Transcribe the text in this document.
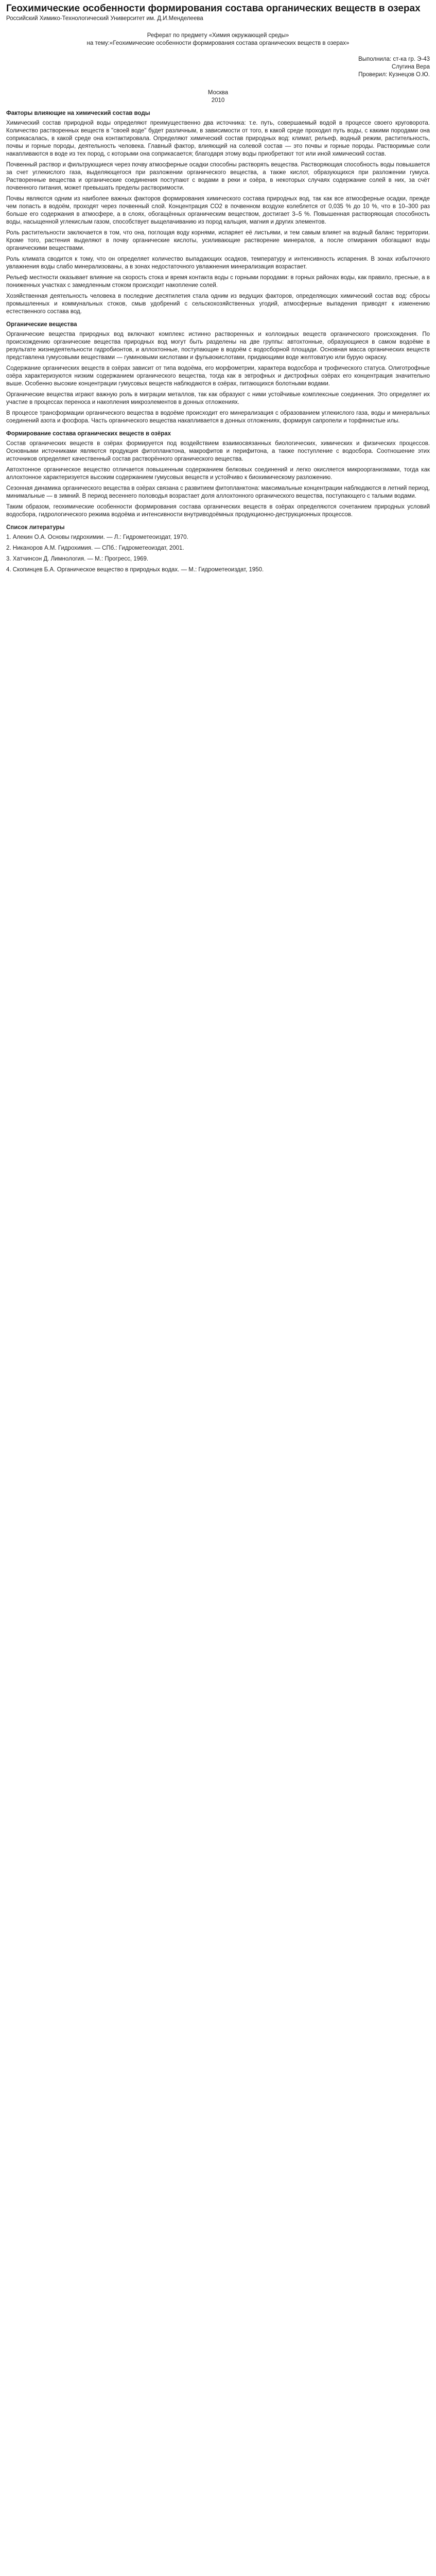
Геохимические особенности формирования состава органических веществ в озерах
Российский Химико-Технологический Университет им. Д.И.Менделеева
Реферат по предмету «Химия окружающей среды»
на тему:«Геохимические особенности формирования состава органических веществ в озерах»
Выполнила: ст-ка гр. Э-43
Слугина Вера
Проверил: Кузнецов О.Ю.
Москва
2010
Факторы влияющие на химический состав воды

Химический состав природной воды определяют преимущественно два источника: т.е. путь, совершаемый водой в процессе своего круговорота. Количество растворенных веществ в "своей воде" будет различным, в зависимости от того, в какой среде проходил путь воды, с какими породами она соприкасалась, в какой среде она контактировала. Определяют химический состав природных вод: климат, рельеф, водный режим, растительность, почвы и горные породы, деятельность человека. Главный фактор, влияющий на солевой состав — это почвы и горные породы. Растворимые соли накапливаются в воде из тех пород, с которыми она соприкасается; благодаря этому воды приобретают тот или иной химический состав.

Почвенный раствор и фильтрующиеся через почву атмосферные осадки способны растворять вещества. Растворяющая способность воды повышается за счет углекислого газа, выделяющегося при разложении органического вещества, а также кислот, образующихся при разложении гумуса. Растворенные вещества и органические соединения поступают с водами в реки и озёра, в некоторых случаях содержание солей в них, за счёт почвенного питания, может превышать пределы растворимости.

Почвы являются одним из наиболее важных факторов формирования химического состава природных вод, так как все атмосферные осадки, прежде чем попасть в водоём, проходят через почвенный слой. Концентрация СО2 в почвенном воздухе колеблется от 0,035 % до 10 %, что в 10–300 раз больше его содержания в атмосфере, а в слоях, обогащённых органическим веществом, достигает 3–5 %. Повышенная растворяющая способность воды, насыщенной углекислым газом, способствует выщелачиванию из пород кальция, магния и других элементов.

Роль растительности заключается в том, что она, поглощая воду корнями, испаряет её листьями, и тем самым влияет на водный баланс территории. Кроме того, растения выделяют в почву органические кислоты, усиливающие растворение минералов, а после отмирания обогащают воды органическими веществами.

Роль климата сводится к тому, что он определяет количество выпадающих осадков, температуру и интенсивность испарения. В зонах избыточного увлажнения воды слабо минерализованы, а в зонах недостаточного увлажнения минерализация возрастает.

Рельеф местности оказывает влияние на скорость стока и время контакта воды с горными породами: в горных районах воды, как правило, пресные, а в пониженных участках с замедленным стоком происходит накопление солей.

Хозяйственная деятельность человека в последние десятилетия стала одним из ведущих факторов, определяющих химический состав вод: сбросы промышленных и коммунальных стоков, смыв удобрений с сельскохозяйственных угодий, атмосферные выпадения приводят к изменению естественного состава вод.

Органические вещества

Органические вещества природных вод включают комплекс истинно растворенных и коллоидных веществ органического происхождения. По происхождению органические вещества природных вод могут быть разделены на две группы: автохтонные, образующиеся в самом водоёме в результате жизнедеятельности гидробионтов, и аллохтонные, поступающие в водоём с водосборной площади. Основная масса органических веществ представлена гумусовыми веществами — гуминовыми кислотами и фульвокислотами, придающими воде желтоватую или бурую окраску.

Содержание органических веществ в озёрах зависит от типа водоёма, его морфометрии, характера водосбора и трофического статуса. Олиготрофные озёра характеризуются низким содержанием органического вещества, тогда как в эвтрофных и дистрофных озёрах его концентрация значительно выше. Особенно высокие концентрации гумусовых веществ наблюдаются в озёрах, питающихся болотными водами.

Органические вещества играют важную роль в миграции металлов, так как образуют с ними устойчивые комплексные соединения. Это определяет их участие в процессах переноса и накопления микроэлементов в донных отложениях.

В процессе трансформации органического вещества в водоёме происходит его минерализация с образованием углекислого газа, воды и минеральных соединений азота и фосфора. Часть органического вещества накапливается в донных отложениях, формируя сапропели и торфянистые илы.

Формирование состава органических веществ в озёрах

Состав органических веществ в озёрах формируется под воздействием взаимосвязанных биологических, химических и физических процессов. Основными источниками являются продукция фитопланктона, макрофитов и перифитона, а также поступление с водосбора. Соотношение этих источников определяет качественный состав растворённого органического вещества.

Автохтонное органическое вещество отличается повышенным содержанием белковых соединений и легко окисляется микроорганизмами, тогда как аллохтонное характеризуется высоким содержанием гумусовых веществ и устойчиво к биохимическому разложению.

Сезонная динамика органического вещества в озёрах связана с развитием фитопланктона: максимальные концентрации наблюдаются в летний период, минимальные — в зимний. В период весеннего половодья возрастает доля аллохтонного органического вещества, поступающего с талыми водами.

Таким образом, геохимические особенности формирования состава органических веществ в озёрах определяются сочетанием природных условий водосбора, гидрологического режима водоёма и интенсивности внутриводоёмных продукционно-деструкционных процессов.

Список литературы

1. Алекин О.А. Основы гидрохимии. — Л.: Гидрометеоиздат, 1970.

2. Никаноров А.М. Гидрохимия. — СПб.: Гидрометеоиздат, 2001.

3. Хатчинсон Д. Лимнология. — М.: Прогресс, 1969.

4. Скопинцев Б.А. Органическое вещество в природных водах. — М.: Гидрометеоиздат, 1950.
